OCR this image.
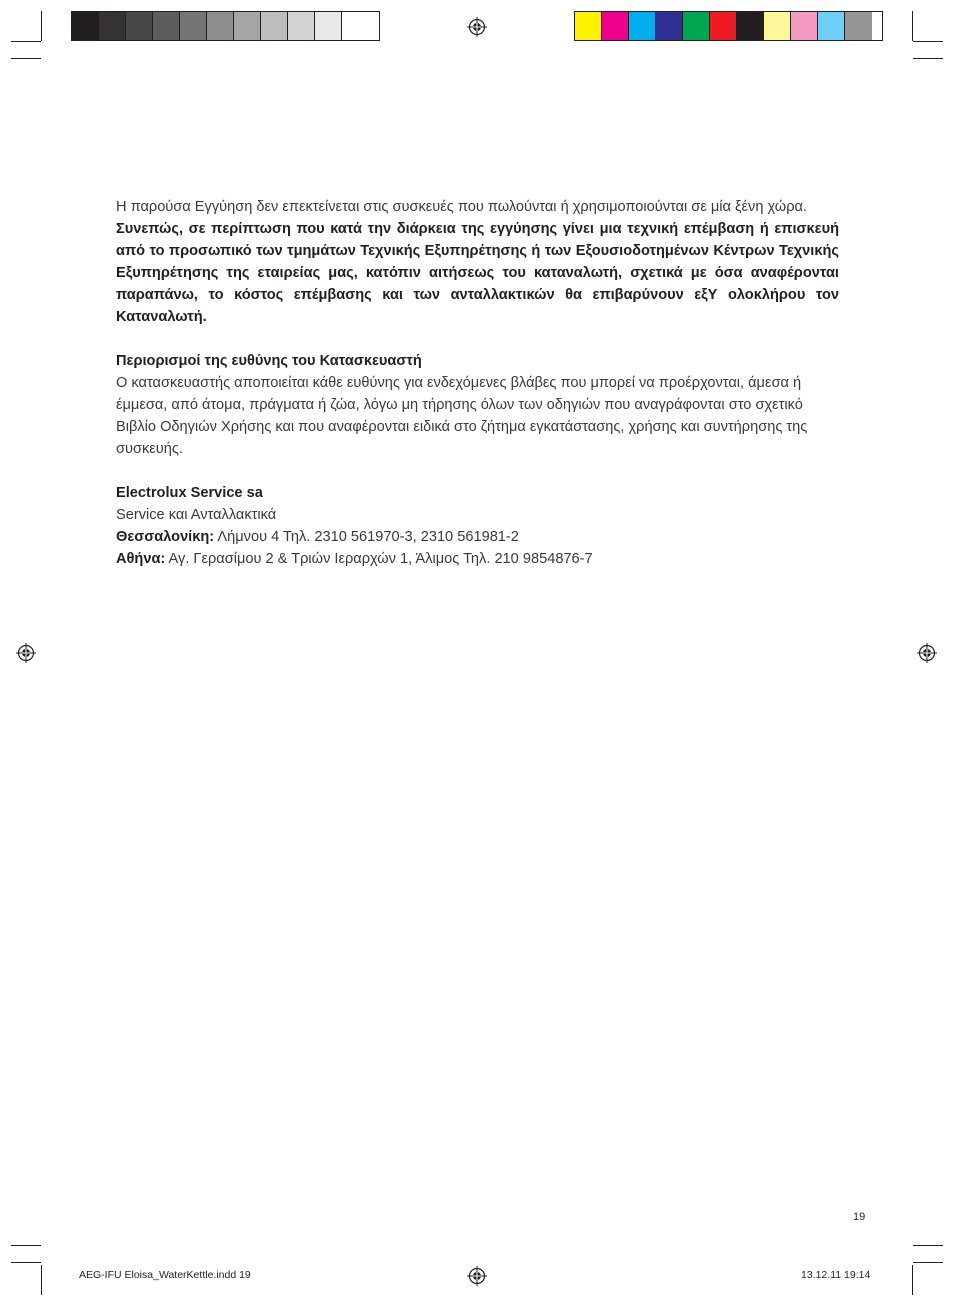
Η παρούσα Εγγύηση δεν επεκτείνεται στις συσκευές που πωλούνται ή χρησιμοποιούνται σε μία ξένη χώρα.

Συνεπώς, σε περίπτωση που κατά την διάρκεια της εγγύησης γίνει μια τεχνική επέμβαση ή επισκευή από το προσωπικό των τμημάτων Τεχνικής Εξυπηρέτησης ή των Εξουσιοδοτημένων Κέντρων Τεχνικής Εξυπηρέτησης της εταιρείας μας, κατόπιν αιτήσεως του καταναλωτή, σχετικά με όσα αναφέρονται παραπάνω, το κόστος επέμβασης και των ανταλλακτικών θα επιβαρύνουν εξΥ ολοκλήρου τον Καταναλωτή.

Περιορισμοί της ευθύνης του Κατασκευαστή

Ο κατασκευαστής αποποιείται κάθε ευθύνης για ενδεχόμενες βλάβες που μπορεί να προέρχονται, άμεσα ή έμμεσα, από άτομα, πράγματα ή ζώα, λόγω μη τήρησης όλων των οδηγιών που αναγράφονται στο σχετικό Βιβλίο Οδηγιών Χρήσης και που αναφέρονται ειδικά στο ζήτημα εγκατάστασης, χρήσης και συντήρησης της συσκευής.

Electrolux Service sa

Service και Ανταλλακτικά

Θεσσαλονίκη: Λήμνου 4 Τηλ. 2310 561970-3, 2310 561981-2

Αθήνα: Αγ. Γερασίμου 2 & Τριών Ιεραρχών 1, Άλιμος Τηλ. 210 9854876-7

19
AEG-IFU Eloisa_WaterKettle.indd 19	13.12.11 19:14
